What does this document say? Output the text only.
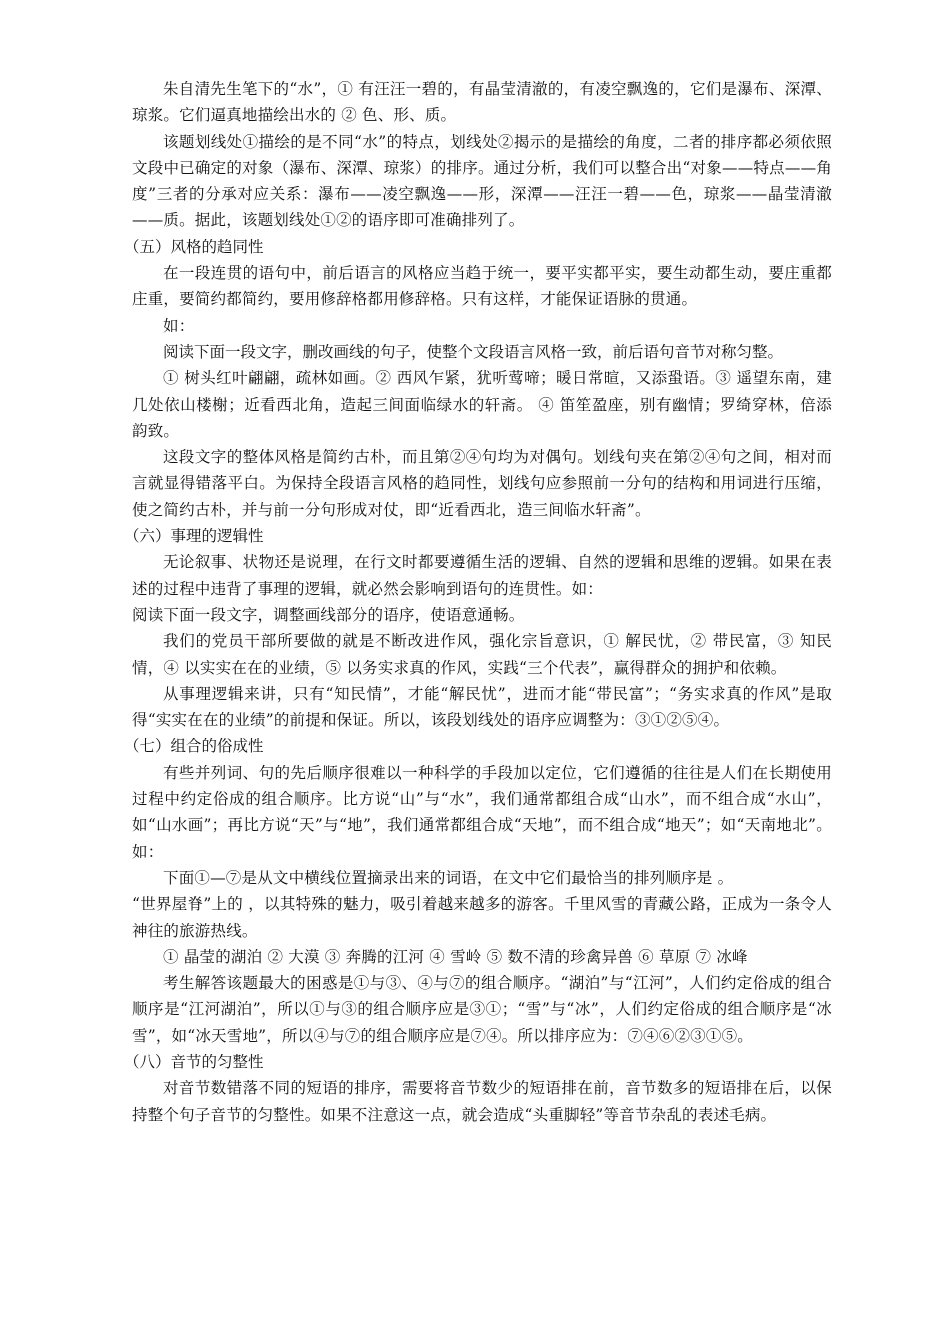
朱自清先生笔下的“水”，① 有汪汪一碧的，有晶莹清澈的，有凌空飘逸的，它们是瀑布、深潭、琼浆。它们逼真地描绘出水的 ② 色、形、质。

该题划线处①描绘的是不同“水”的特点，划线处②揭示的是描绘的角度，二者的排序都必须依照文段中已确定的对象（瀑布、深潭、琼浆）的排序。通过分析，我们可以整合出“对象——特点——角度”三者的分承对应关系：瀑布——凌空飘逸——形，深潭——汪汪一碧——色，琼浆——晶莹清澈——质。据此，该题划线处①②的语序即可准确排列了。

（五）风格的趋同性

在一段连贯的语句中，前后语言的风格应当趋于统一，要平实都平实，要生动都生动，要庄重都庄重，要简约都简约，要用修辞格都用修辞格。只有这样，才能保证语脉的贯通。

如：

阅读下面一段文字，删改画线的句子，使整个文段语言风格一致，前后语句音节对称匀整。

① 树头红叶翩翩，疏林如画。② 西风乍紧，犹听莺啼；暖日常暄，又添蛩语。③ 遥望东南，建几处依山楼榭；近看西北角，造起三间面临绿水的轩斋。 ④ 笛笙盈座，别有幽情；罗绮穿林，倍添韵致。

这段文字的整体风格是简约古朴，而且第②④句均为对偶句。划线句夹在第②④句之间，相对而言就显得错落平白。为保持全段语言风格的趋同性，划线句应参照前一分句的结构和用词进行压缩，使之简约古朴，并与前一分句形成对仗，即“近看西北，造三间临水轩斋”。

（六）事理的逻辑性

无论叙事、状物还是说理，在行文时都要遵循生活的逻辑、自然的逻辑和思维的逻辑。如果在表述的过程中违背了事理的逻辑，就必然会影响到语句的连贯性。如：

阅读下面一段文字，调整画线部分的语序，使语意通畅。

我们的党员干部所要做的就是不断改进作风，强化宗旨意识，① 解民忧，② 带民富，③ 知民情，④ 以实实在在的业绩，⑤ 以务实求真的作风，实践“三个代表”，赢得群众的拥护和依赖。

从事理逻辑来讲，只有“知民情”，才能“解民忧”，进而才能“带民富”；“务实求真的作风”是取得“实实在在的业绩”的前提和保证。所以，该段划线处的语序应调整为：③①②⑤④。

（七）组合的俗成性

有些并列词、句的先后顺序很难以一种科学的手段加以定位，它们遵循的往往是人们在长期使用过程中约定俗成的组合顺序。比方说“山”与“水”，我们通常都组合成“山水”，而不组合成“水山”，如“山水画”；再比方说“天”与“地”，我们通常都组合成“天地”，而不组合成“地天”；如“天南地北”。如：

下面①—⑦是从文中横线位置摘录出来的词语，在文中它们最恰当的排列顺序是 。

“世界屋脊”上的 ，以其特殊的魅力，吸引着越来越多的游客。千里风雪的青藏公路，正成为一条令人神往的旅游热线。

① 晶莹的湖泊 ② 大漠 ③ 奔腾的江河 ④ 雪岭 ⑤ 数不清的珍禽异兽 ⑥ 草原 ⑦ 冰峰

考生解答该题最大的困惑是①与③、④与⑦的组合顺序。“湖泊”与“江河”，人们约定俗成的组合顺序是“江河湖泊”，所以①与③的组合顺序应是③①；“雪”与“冰”，人们约定俗成的组合顺序是“冰雪”，如“冰天雪地”，所以④与⑦的组合顺序应是⑦④。所以排序应为：⑦④⑥②③①⑤。

（八）音节的匀整性

对音节数错落不同的短语的排序，需要将音节数少的短语排在前，音节数多的短语排在后，以保持整个句子音节的匀整性。如果不注意这一点，就会造成“头重脚轻”等音节杂乱的表述毛病。
